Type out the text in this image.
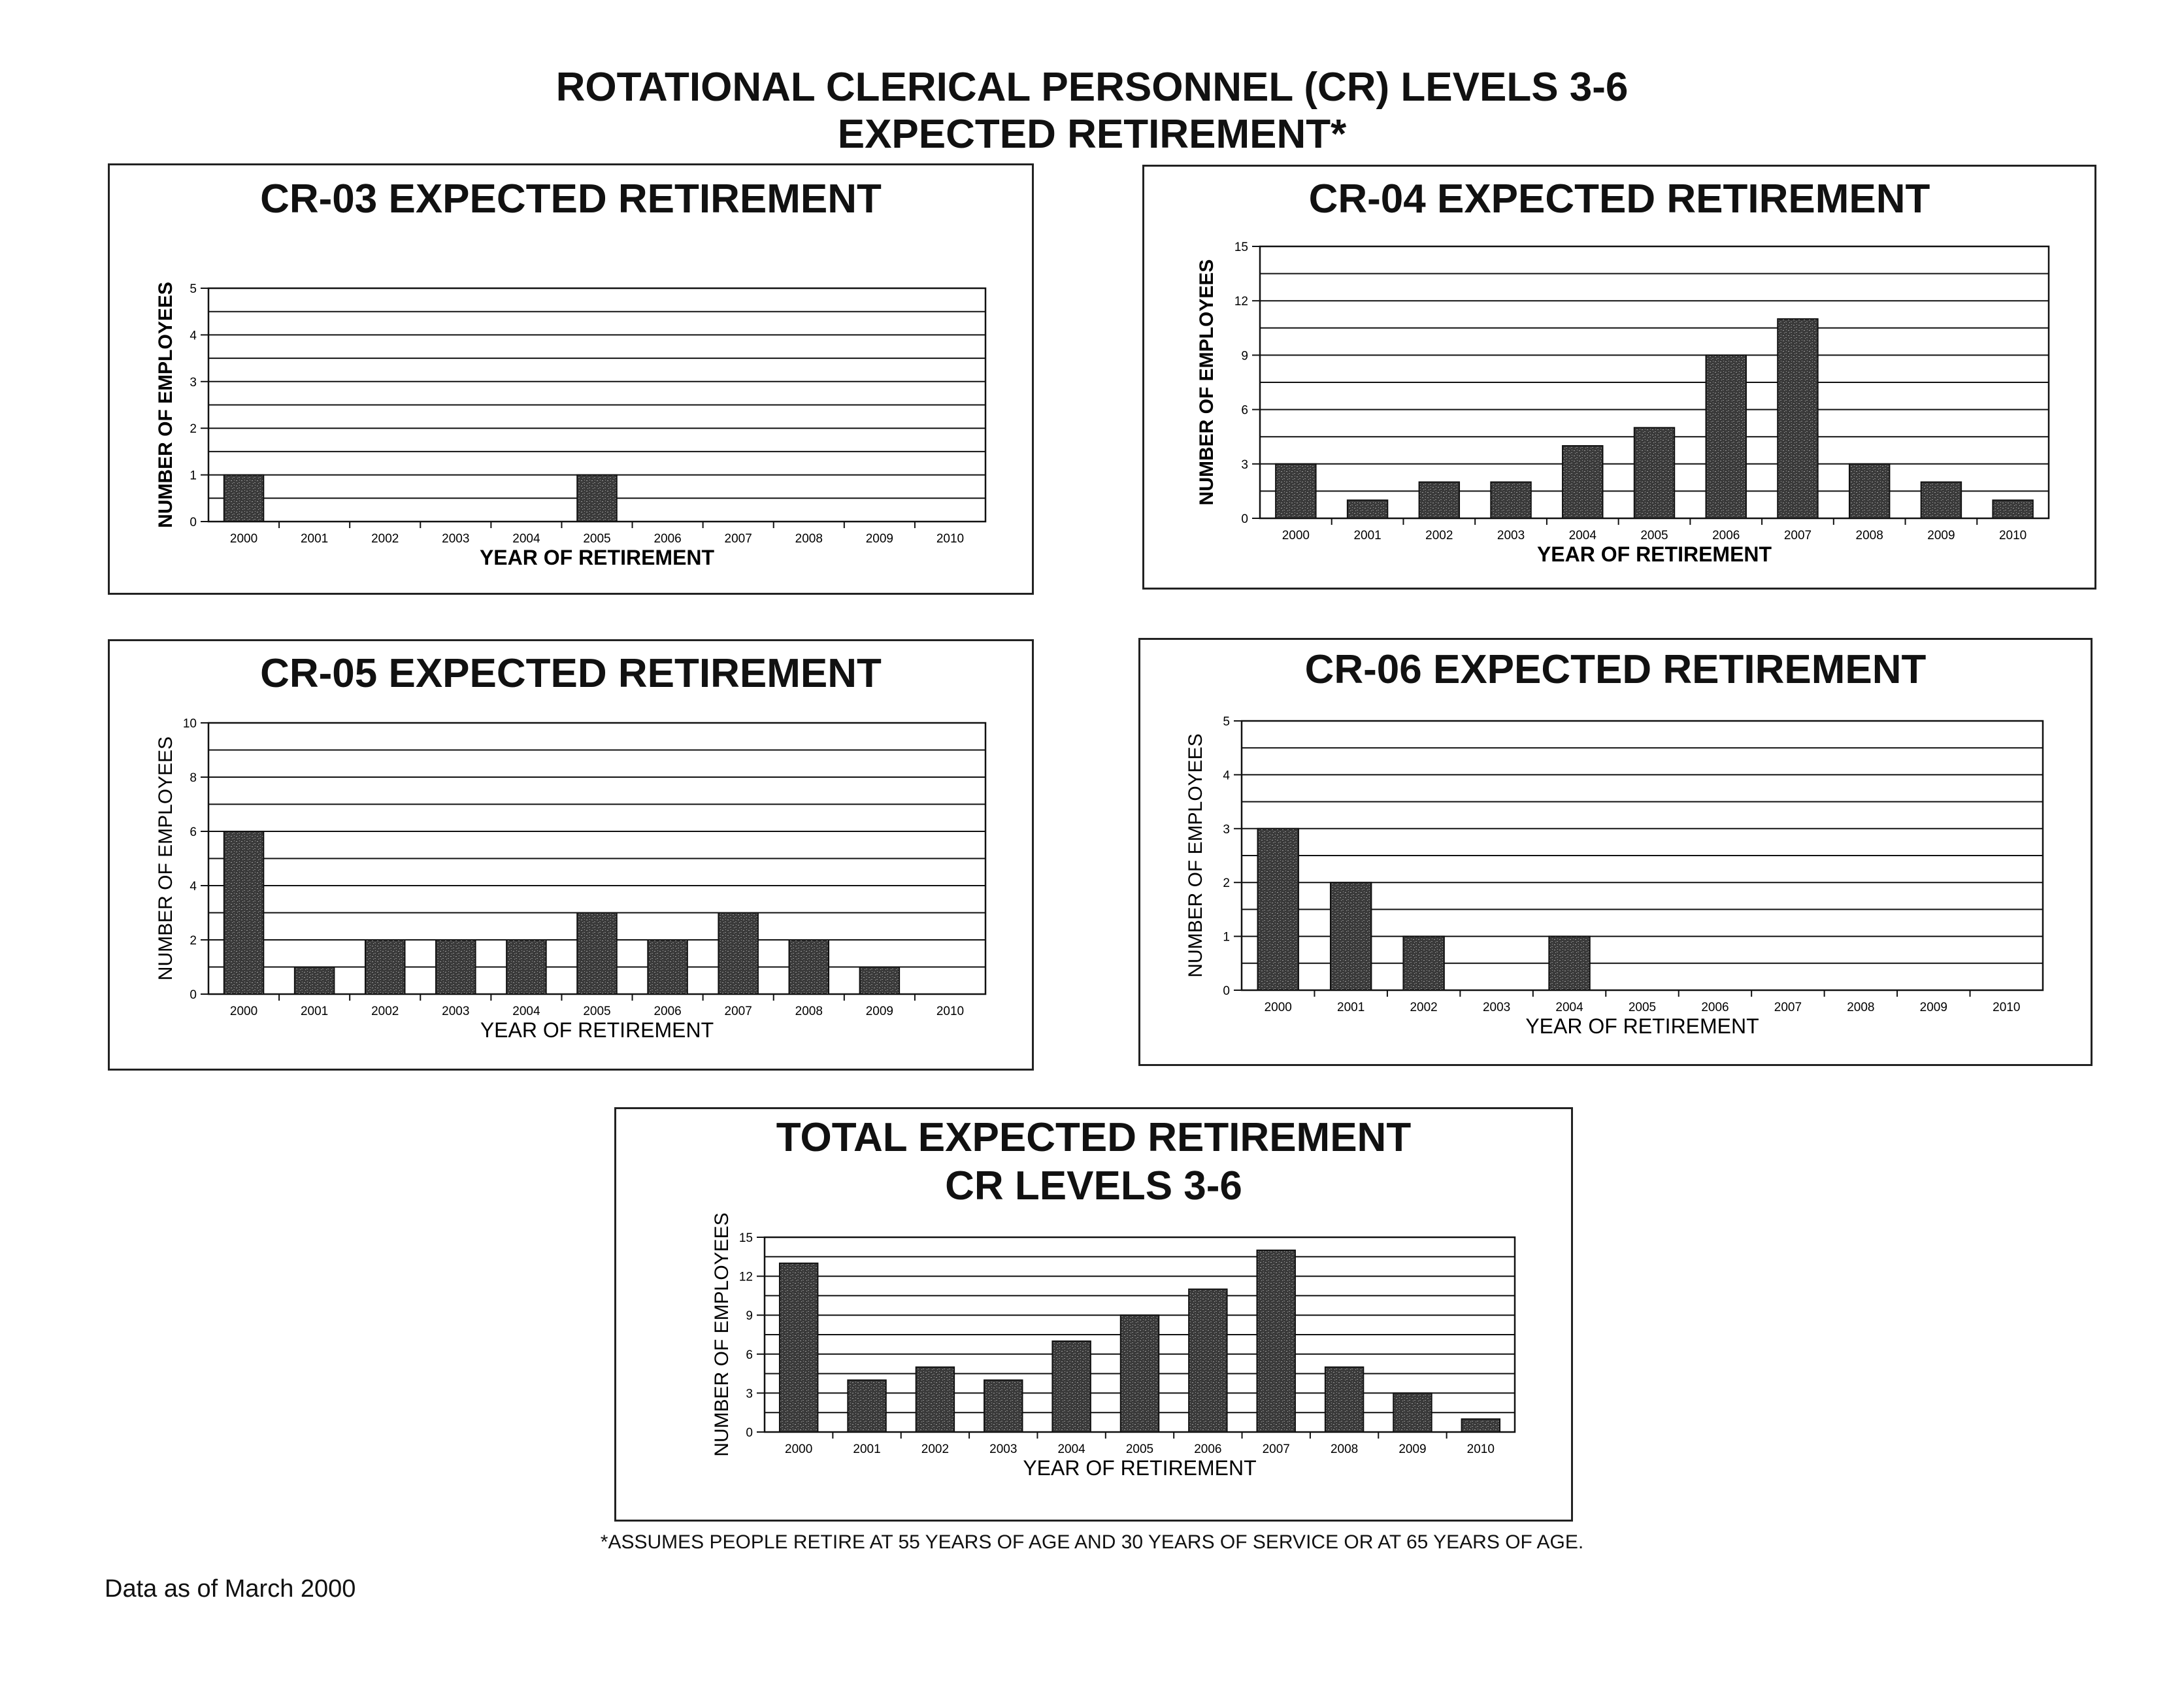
ROTATIONAL CLERICAL PERSONNEL (CR) LEVELS 3-6
EXPECTED RETIREMENT*
CR-03 EXPECTED RETIREMENT
0
1
2
3
4
5
2000	2001	2002	2003	2004	2005	2006	2007	2008	2009	2010
NUMBER OF EMPLOYEES
YEAR OF RETIREMENT
CR-04 EXPECTED RETIREMENT
0
3
6
9
12
15
2000	2001	2002	2003	2004	2005	2006	2007	2008	2009	2010
NUMBER OF EMPLOYEES
YEAR OF RETIREMENT
CR-05 EXPECTED RETIREMENT
0
2
4
6
8
10
2000	2001	2002	2003	2004	2005	2006	2007	2008	2009	2010
NUMBER OF EMPLOYEES
YEAR OF RETIREMENT
CR-06 EXPECTED RETIREMENT
0
1
2
3
4
5
2000	2001	2002	2003	2004	2005	2006	2007	2008	2009	2010
NUMBER OF EMPLOYEES
YEAR OF RETIREMENT
TOTAL EXPECTED RETIREMENT
CR LEVELS 3-6
0
3
6
9
12
15
2000	2001	2002	2003	2004	2005	2006	2007	2008	2009	2010
NUMBER OF EMPLOYEES
YEAR OF RETIREMENT
*ASSUMES PEOPLE RETIRE AT 55 YEARS OF AGE AND 30 YEARS OF SERVICE OR AT 65 YEARS OF AGE.
Data as of March 2000
